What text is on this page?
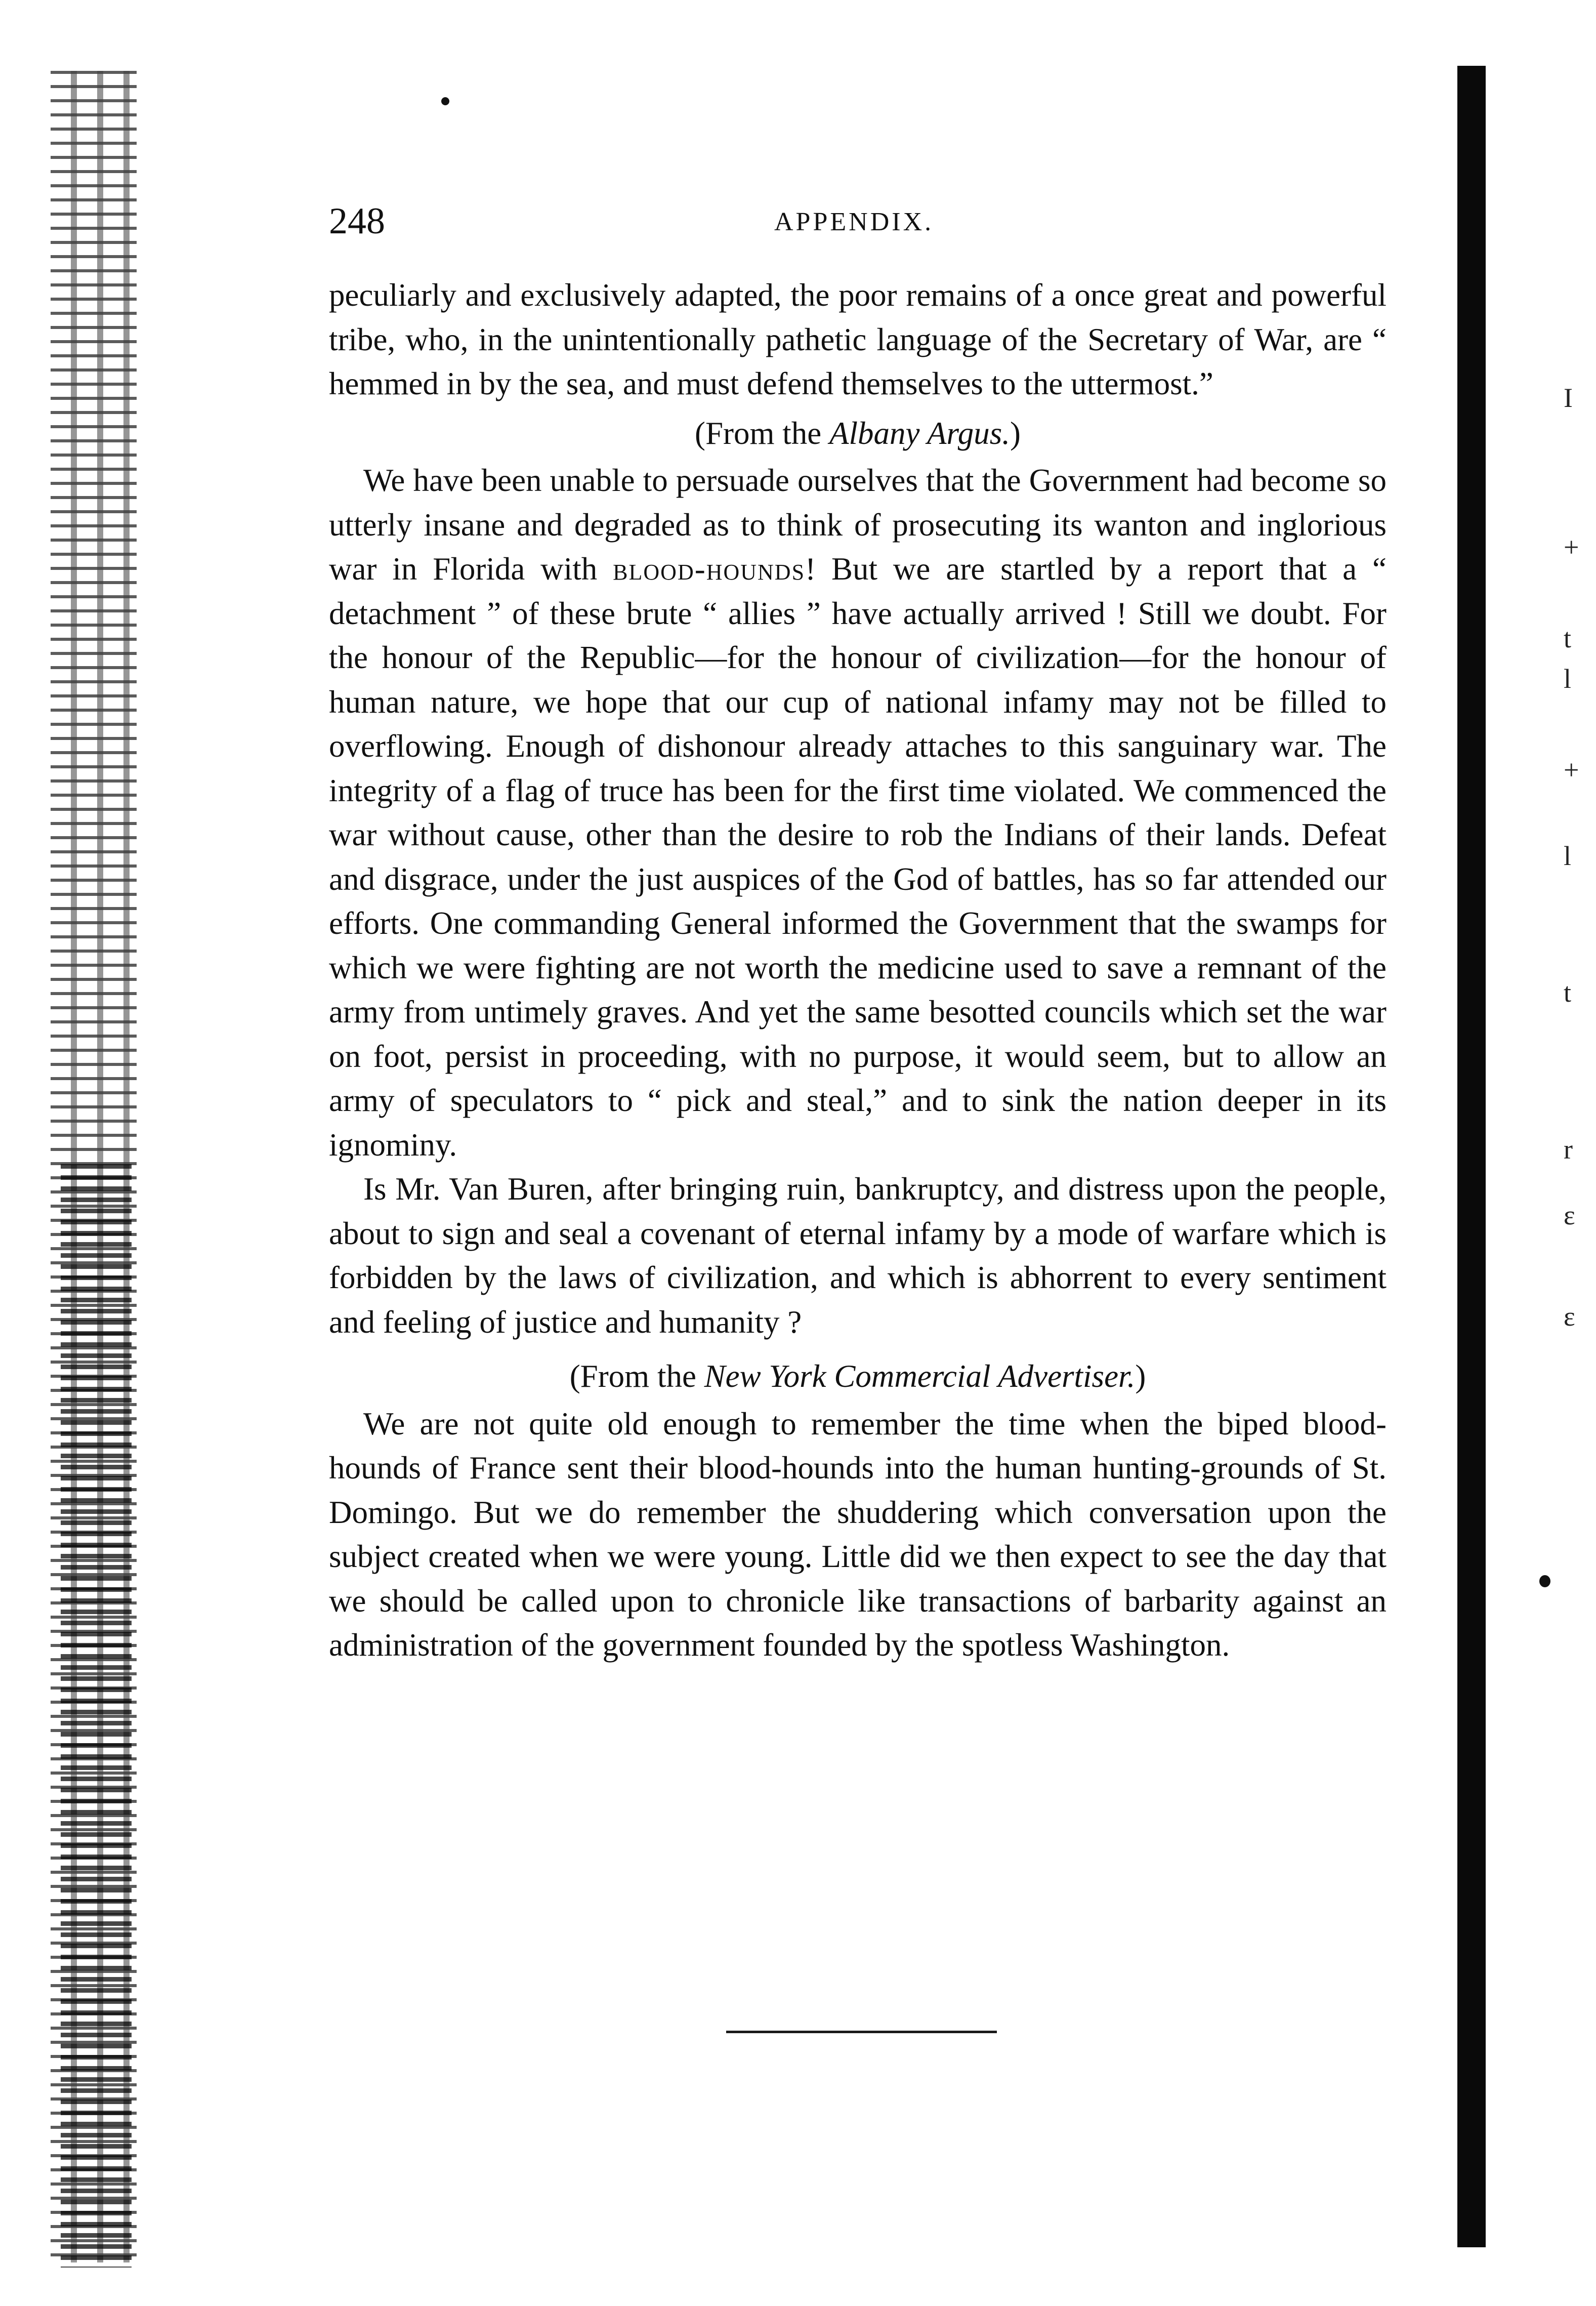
I
+
t
l
+
l
t
r
ɛ
ɛ
248	APPENDIX.

peculiarly and exclusively adapted, the poor remains of a once great and powerful tribe, who, in the unintentionally pathetic language of the Secretary of War, are “ hemmed in by the sea, and must defend themselves to the uttermost.”

(From the Albany Argus.)

We have been unable to persuade ourselves that the Government had become so utterly insane and degraded as to think of prosecuting its wanton and inglorious war in Florida with blood-hounds! But we are startled by a report that a “ detachment ” of these brute “ allies ” have actually arrived ! Still we doubt. For the honour of the Republic—for the honour of civilization—for the honour of human nature, we hope that our cup of national infamy may not be filled to overflowing. Enough of dishonour already attaches to this sanguinary war. The integrity of a flag of truce has been for the first time violated. We commenced the war without cause, other than the desire to rob the Indians of their lands. Defeat and disgrace, under the just auspices of the God of battles, has so far attended our efforts. One commanding General informed the Government that the swamps for which we were fighting are not worth the medicine used to save a remnant of the army from untimely graves. And yet the same besotted councils which set the war on foot, persist in proceeding, with no purpose, it would seem, but to allow an army of speculators to “ pick and steal,” and to sink the nation deeper in its ignominy.

Is Mr. Van Buren, after bringing ruin, bankruptcy, and distress upon the people, about to sign and seal a covenant of eternal infamy by a mode of warfare which is forbidden by the laws of civilization, and which is abhorrent to every sentiment and feeling of justice and humanity ?

(From the New York Commercial Advertiser.)

We are not quite old enough to remember the time when the biped blood-hounds of France sent their blood-hounds into the human hunting-grounds of St. Domingo. But we do remember the shuddering which conversation upon the subject created when we were young. Little did we then expect to see the day that we should be called upon to chronicle like transactions of barbarity against an administration of the government founded by the spotless Washington.
